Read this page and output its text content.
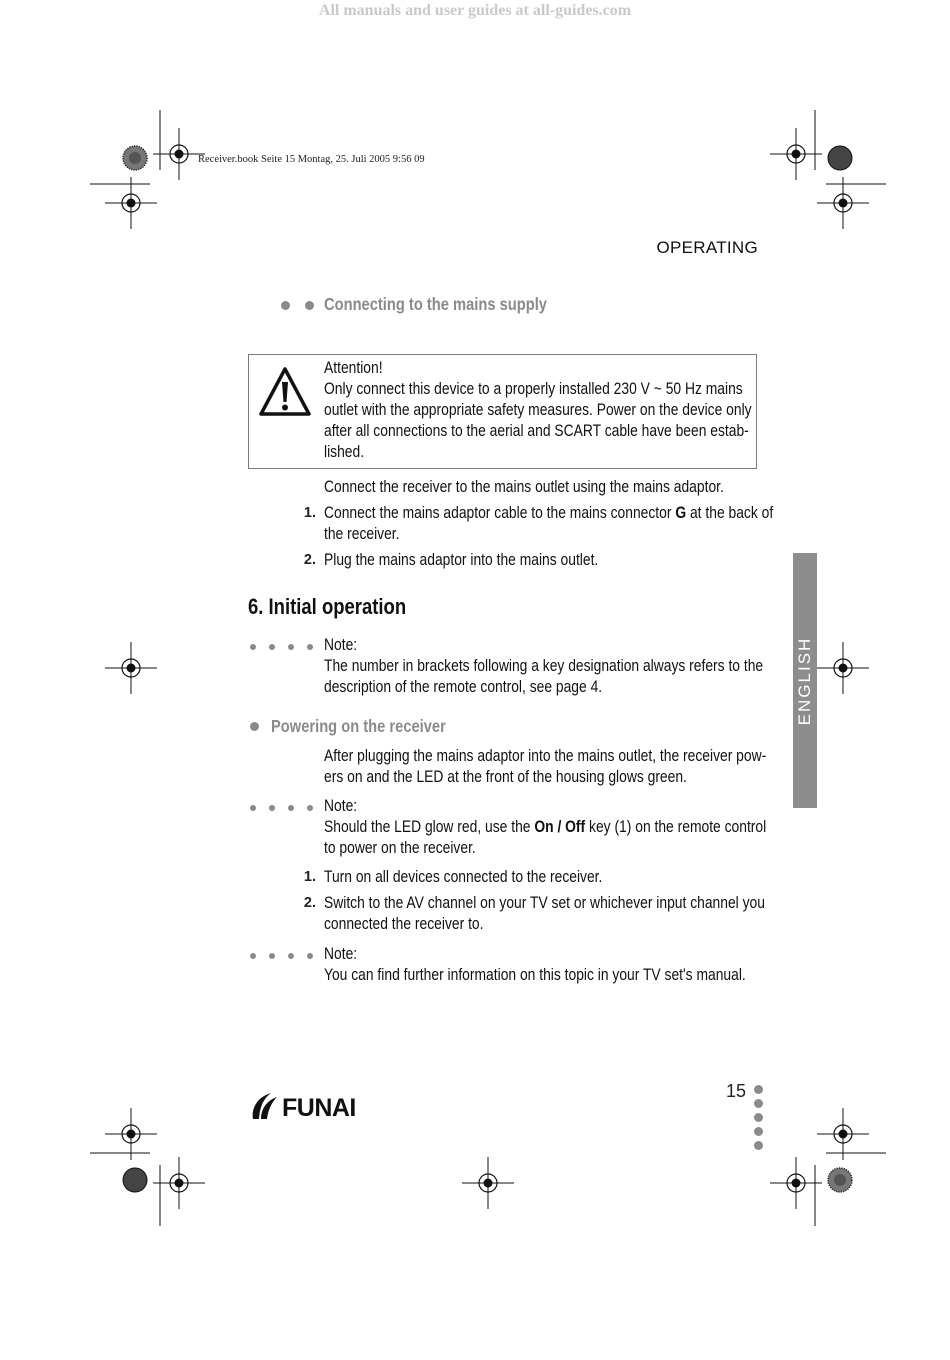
All manuals and user guides at all-guides.com
Receiver.book Seite 15 Montag, 25. Juli 2005 9:56 09
OPERATING
Connecting to the mains supply
Attention!
Only connect this device to a properly installed 230 V ~ 50 Hz mains
outlet with the appropriate safety measures. Power on the device only
after all connections to the aerial and SCART cable have been estab-
lished.
Connect the receiver to the mains outlet using the mains adaptor.
1. Connect the mains adaptor cable to the mains connector G at the back of
the receiver.
2. Plug the mains adaptor into the mains outlet.
6. Initial operation
Note:
The number in brackets following a key designation always refers to the
description of the remote control, see page 4.
Powering on the receiver
After plugging the mains adaptor into the mains outlet, the receiver pow-
ers on and the LED at the front of the housing glows green.
Note:
Should the LED glow red, use the On / Off key (1) on the remote control
to power on the receiver.
1. Turn on all devices connected to the receiver.
2. Switch to the AV channel on your TV set or whichever input channel you
connected the receiver to.
Note:
You can find further information on this topic in your TV set's manual.
ENGLISH
15
FUNAI
